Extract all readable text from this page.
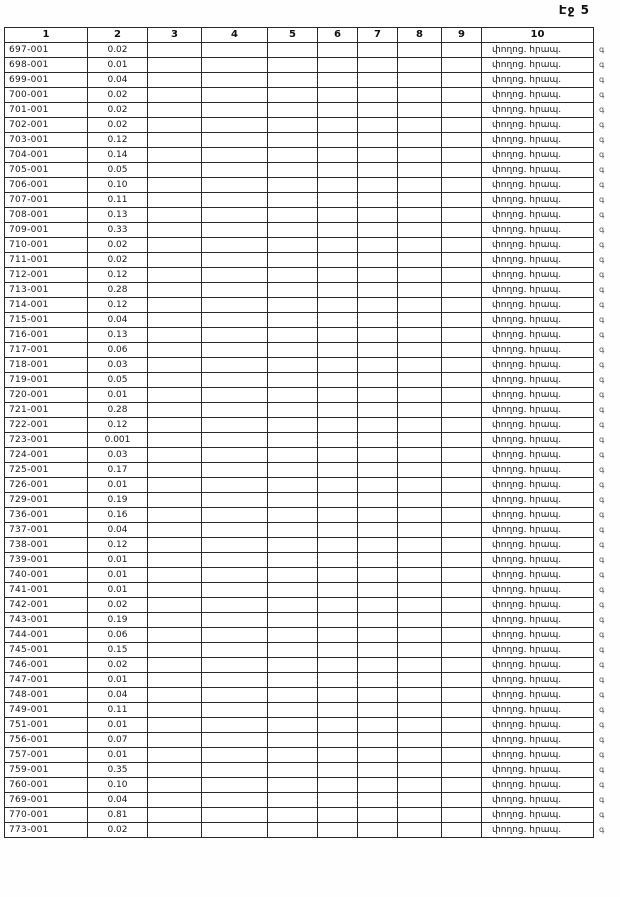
Էջ 5
1	2	3	4	5	6	7	8	9	10	
697-001	0.02								փողոց. հրապ.	գ
698-001	0.01								փողոց. հրապ.	գ
699-001	0.04								փողոց. հրապ.	գ
700-001	0.02								փողոց. հրապ.	գ
701-001	0.02								փողոց. հրապ.	գ
702-001	0.02								փողոց. հրապ.	գ
703-001	0.12								փողոց. հրապ.	գ
704-001	0.14								փողոց. հրապ.	գ
705-001	0.05								փողոց. հրապ.	գ
706-001	0.10								փողոց. հրապ.	գ
707-001	0.11								փողոց. հրապ.	գ
708-001	0.13								փողոց. հրապ.	գ
709-001	0.33								փողոց. հրապ.	գ
710-001	0.02								փողոց. հրապ.	գ
711-001	0.02								փողոց. հրապ.	գ
712-001	0.12								փողոց. հրապ.	գ
713-001	0.28								փողոց. հրապ.	գ
714-001	0.12								փողոց. հրապ.	գ
715-001	0.04								փողոց. հրապ.	գ
716-001	0.13								փողոց. հրապ.	գ
717-001	0.06								փողոց. հրապ.	գ
718-001	0.03								փողոց. հրապ.	գ
719-001	0.05								փողոց. հրապ.	գ
720-001	0.01								փողոց. հրապ.	գ
721-001	0.28								փողոց. հրապ.	գ
722-001	0.12								փողոց. հրապ.	գ
723-001	0.001								փողոց. հրապ.	գ
724-001	0.03								փողոց. հրապ.	գ
725-001	0.17								փողոց. հրապ.	գ
726-001	0.01								փողոց. հրապ.	գ
729-001	0.19								փողոց. հրապ.	գ
736-001	0.16								փողոց. հրապ.	գ
737-001	0.04								փողոց. հրապ.	գ
738-001	0.12								փողոց. հրապ.	գ
739-001	0.01								փողոց. հրապ.	գ
740-001	0.01								փողոց. հրապ.	գ
741-001	0.01								փողոց. հրապ.	գ
742-001	0.02								փողոց. հրապ.	գ
743-001	0.19								փողոց. հրապ.	գ
744-001	0.06								փողոց. հրապ.	գ
745-001	0.15								փողոց. հրապ.	գ
746-001	0.02								փողոց. հրապ.	գ
747-001	0.01								փողոց. հրապ.	գ
748-001	0.04								փողոց. հրապ.	գ
749-001	0.11								փողոց. հրապ.	գ
751-001	0.01								փողոց. հրապ.	գ
756-001	0.07								փողոց. հրապ.	գ
757-001	0.01								փողոց. հրապ.	գ
759-001	0.35								փողոց. հրապ.	գ
760-001	0.10								փողոց. հրապ.	գ
769-001	0.04								փողոց. հրապ.	գ
770-001	0.81								փողոց. հրապ.	գ
773-001	0.02								փողոց. հրապ.	գ
